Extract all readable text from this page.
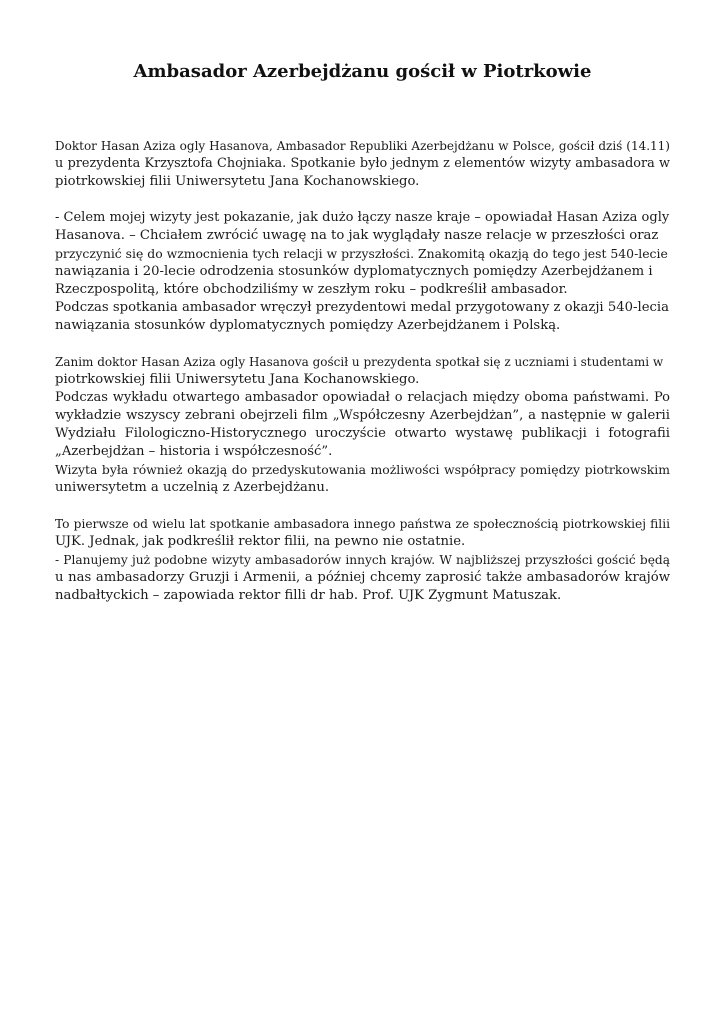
Ambasador Azerbejdżanu gościł w Piotrkowie

Doktor Hasan Aziza ogly Hasanova, Ambasador Republiki Azerbejdżanu w Polsce, gościł dziś (14.11)
u prezydenta Krzysztofa Chojniaka. Spotkanie było jednym z elementów wizyty ambasadora w
piotrkowskiej filii Uniwersytetu Jana Kochanowskiego.

- Celem mojej wizyty jest pokazanie, jak dużo łączy nasze kraje – opowiadał Hasan Aziza ogly
Hasanova. – Chciałem zwrócić uwagę na to jak wyglądały nasze relacje w przeszłości oraz
przyczynić się do wzmocnienia tych relacji w przyszłości. Znakomitą okazją do tego jest 540-lecie
nawiązania i 20-lecie odrodzenia stosunków dyplomatycznych pomiędzy Azerbejdżanem i
Rzeczpospolitą, które obchodziliśmy w zeszłym roku – podkreślił ambasador.
Podczas spotkania ambasador wręczył prezydentowi medal przygotowany z okazji 540-lecia
nawiązania stosunków dyplomatycznych pomiędzy Azerbejdżanem i Polską.

Zanim doktor Hasan Aziza ogly Hasanova gościł u prezydenta spotkał się z uczniami i studentami w
piotrkowskiej filii Uniwersytetu Jana Kochanowskiego.
Podczas wykładu otwartego ambasador opowiadał o relacjach między oboma państwami. Po
wykładzie wszyscy zebrani obejrzeli film „Współczesny Azerbejdżan”, a następnie w galerii
Wydziału Filologiczno-Historycznego uroczyście otwarto wystawę publikacji i fotografii
„Azerbejdżan – historia i współczesność”.
Wizyta była również okazją do przedyskutowania możliwości współpracy pomiędzy piotrkowskim
uniwersytetm a uczelnią z Azerbejdżanu.

To pierwsze od wielu lat spotkanie ambasadora innego państwa ze społecznością piotrkowskiej filii
UJK. Jednak, jak podkreślił rektor filii, na pewno nie ostatnie.
- Planujemy już podobne wizyty ambasadorów innych krajów. W najbliższej przyszłości gościć będą
u nas ambasadorzy Gruzji i Armenii, a później chcemy zaprosić także ambasadorów krajów
nadbałtyckich – zapowiada rektor filli dr hab. Prof. UJK Zygmunt Matuszak.
